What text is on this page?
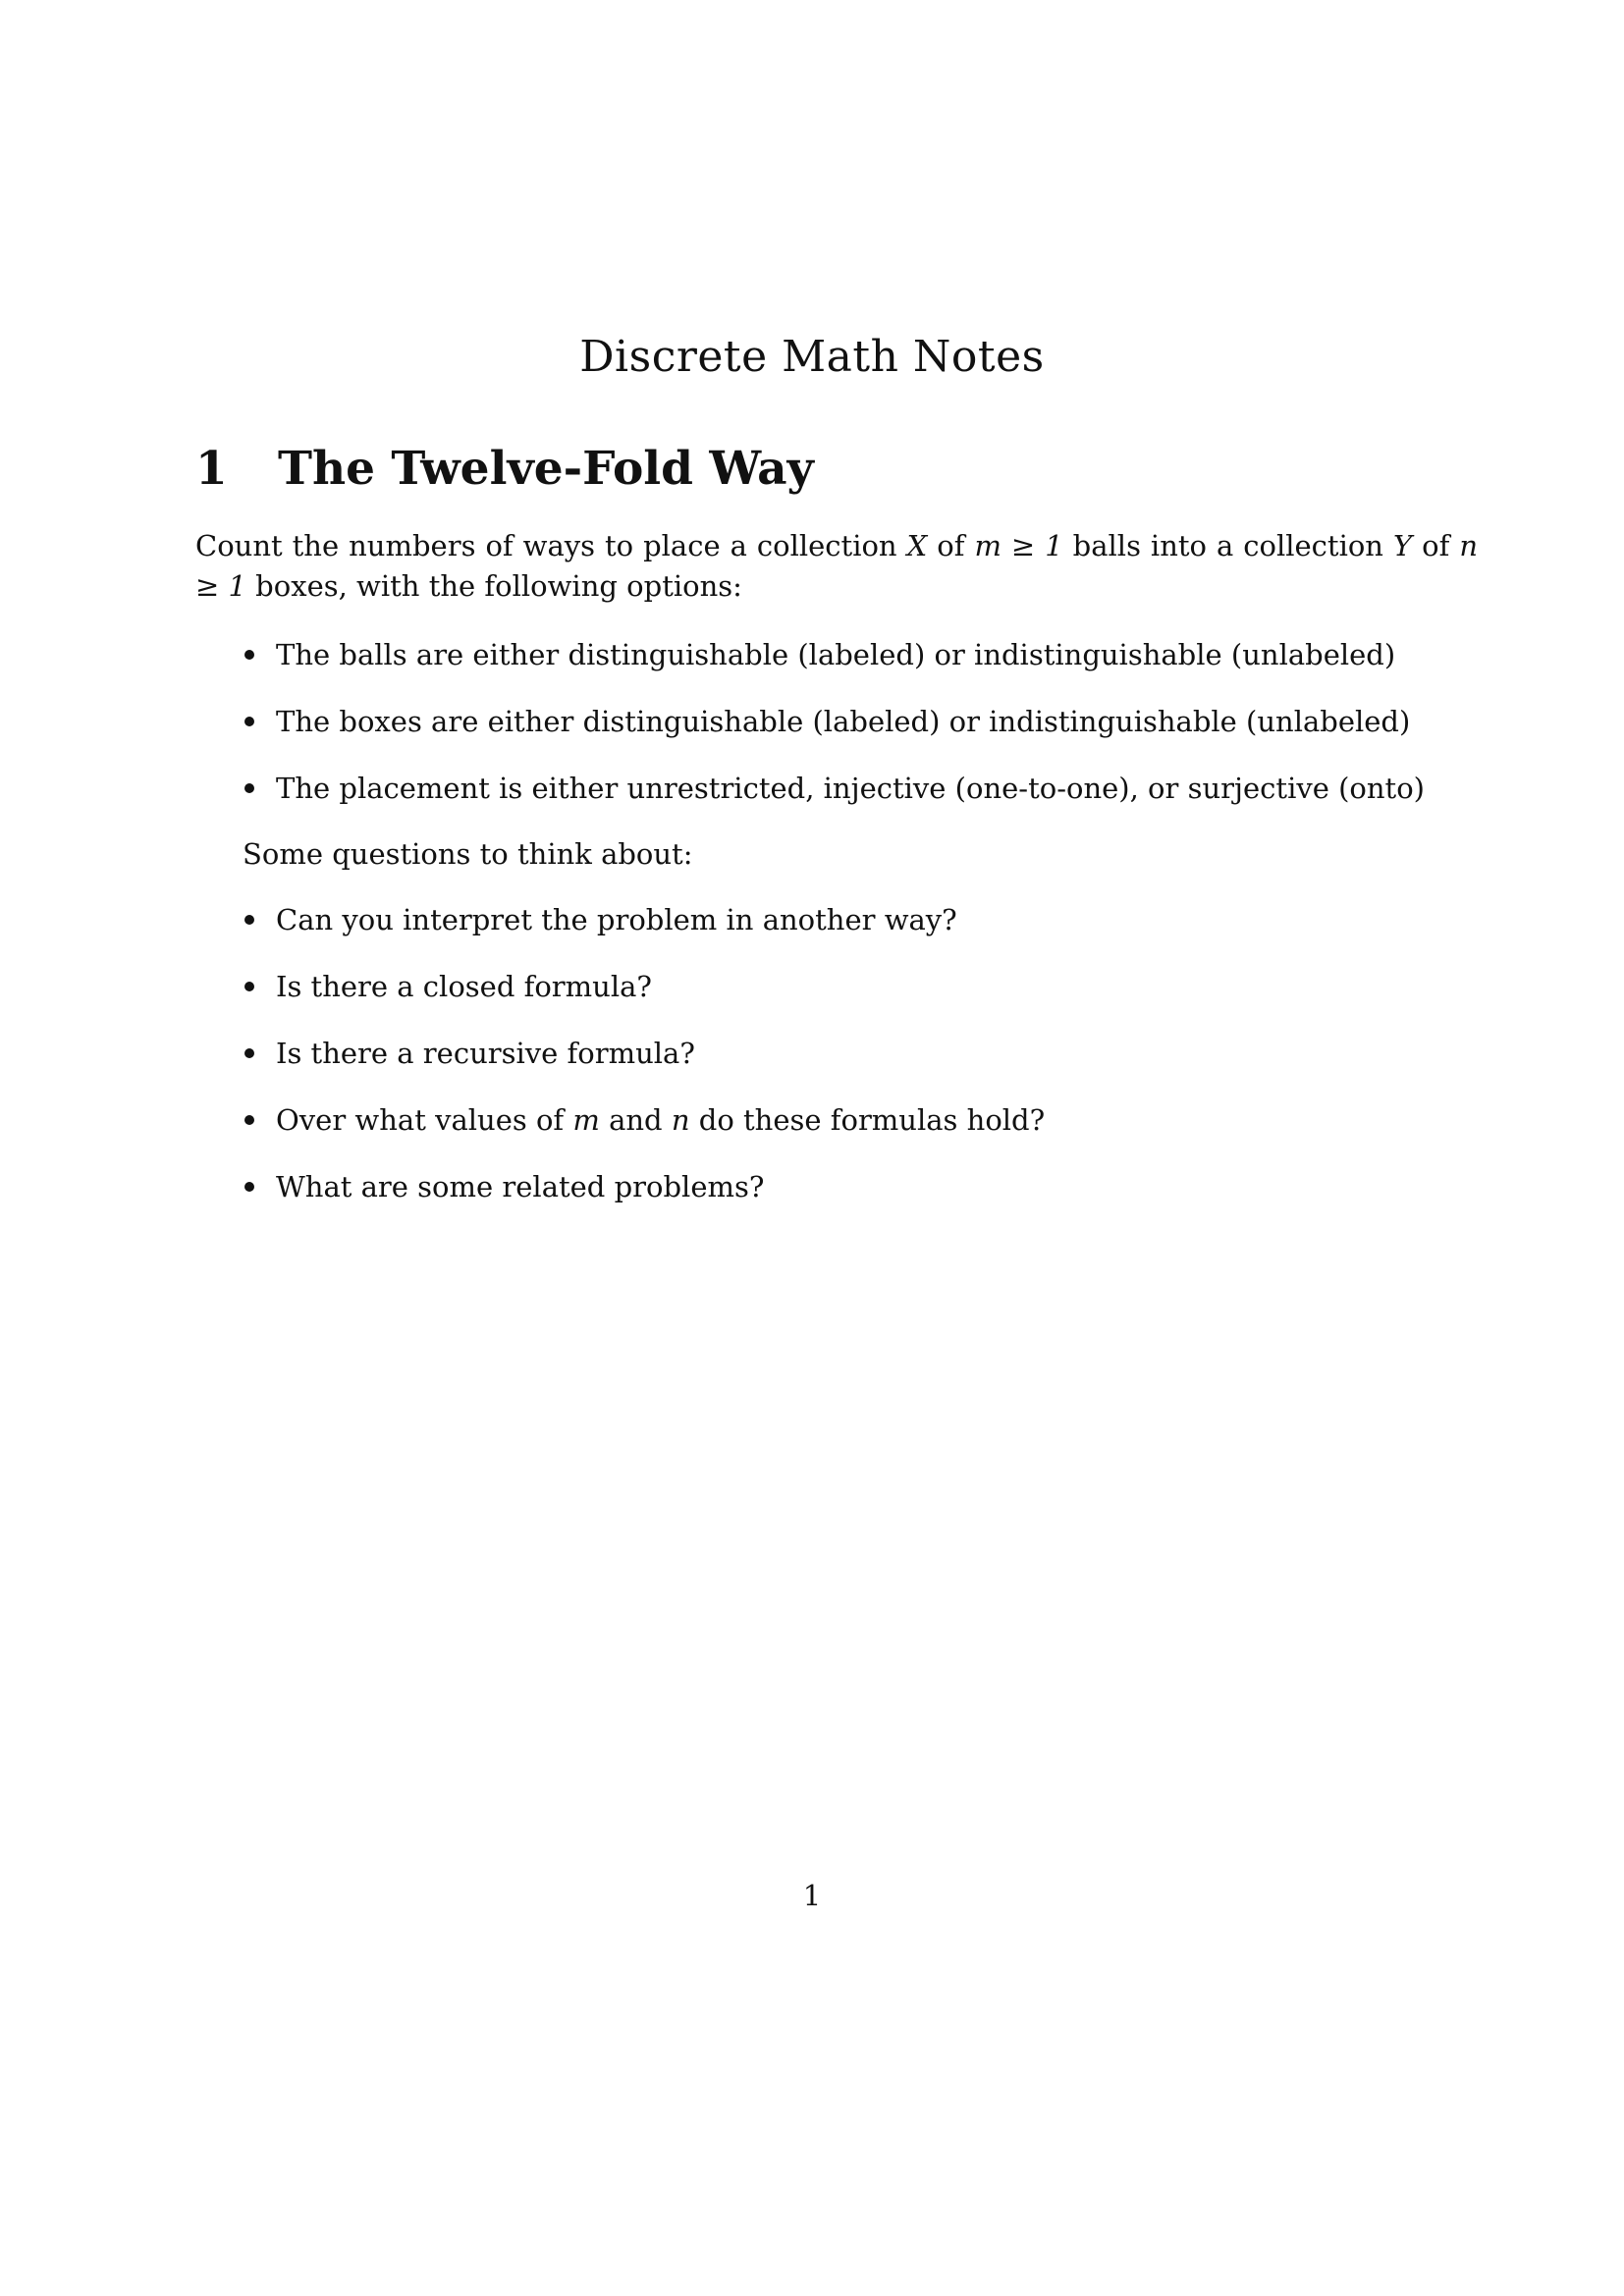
Discrete Math Notes
1 The Twelve-Fold Way

Count the numbers of ways to place a collection X of m ≥ 1 balls into a collection Y of n ≥ 1 boxes, with the following options:

The balls are either distinguishable (labeled) or indistinguishable (unlabeled)
The boxes are either distinguishable (labeled) or indistinguishable (unlabeled)
The placement is either unrestricted, injective (one-to-one), or surjective (onto)

Some questions to think about:

Can you interpret the problem in another way?
Is there a closed formula?
Is there a recursive formula?
Over what values of m and n do these formulas hold?
What are some related problems?

1
